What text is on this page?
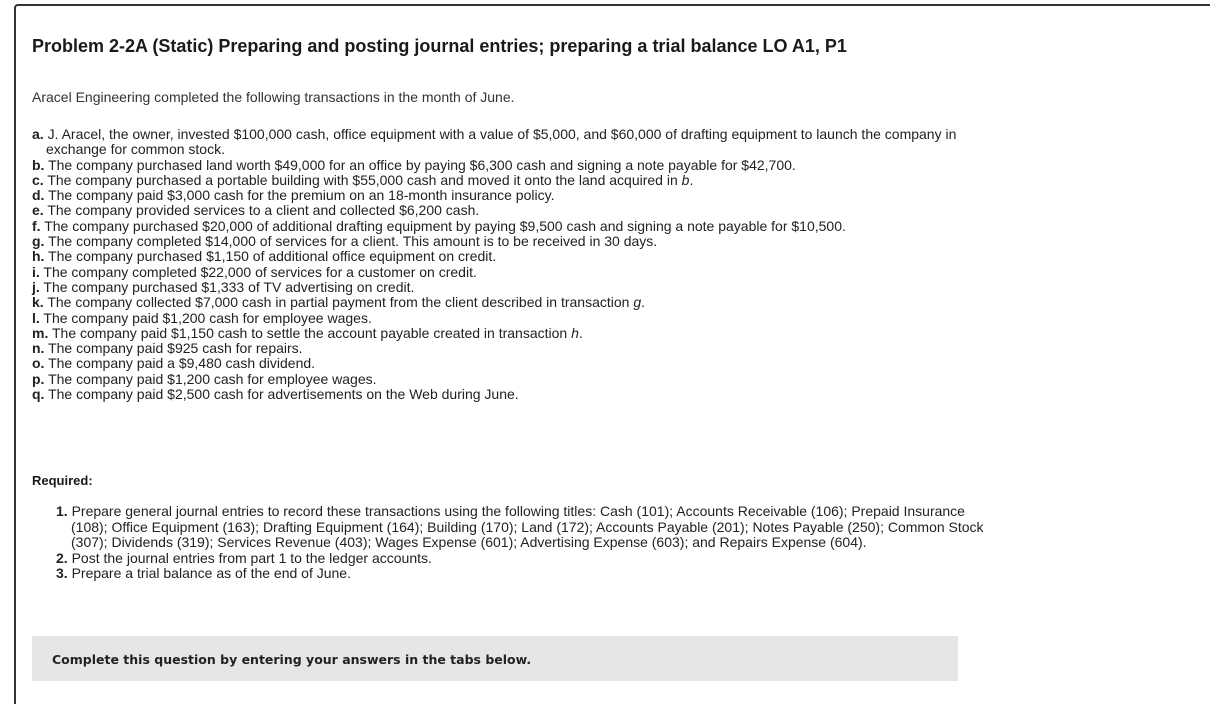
Problem 2-2A (Static) Preparing and posting journal entries; preparing a trial balance LO A1, P1
Aracel Engineering completed the following transactions in the month of June.
a. J. Aracel, the owner, invested $100,000 cash, office equipment with a value of $5,000, and $60,000 of drafting equipment to launch the company in exchange for common stock.
b. The company purchased land worth $49,000 for an office by paying $6,300 cash and signing a note payable for $42,700.
c. The company purchased a portable building with $55,000 cash and moved it onto the land acquired in b.
d. The company paid $3,000 cash for the premium on an 18-month insurance policy.
e. The company provided services to a client and collected $6,200 cash.
f. The company purchased $20,000 of additional drafting equipment by paying $9,500 cash and signing a note payable for $10,500.
g. The company completed $14,000 of services for a client. This amount is to be received in 30 days.
h. The company purchased $1,150 of additional office equipment on credit.
i. The company completed $22,000 of services for a customer on credit.
j. The company purchased $1,333 of TV advertising on credit.
k. The company collected $7,000 cash in partial payment from the client described in transaction g.
l. The company paid $1,200 cash for employee wages.
m. The company paid $1,150 cash to settle the account payable created in transaction h.
n. The company paid $925 cash for repairs.
o. The company paid a $9,480 cash dividend.
p. The company paid $1,200 cash for employee wages.
q. The company paid $2,500 cash for advertisements on the Web during June.
Required:
1. Prepare general journal entries to record these transactions using the following titles: Cash (101); Accounts Receivable (106); Prepaid Insurance (108); Office Equipment (163); Drafting Equipment (164); Building (170); Land (172); Accounts Payable (201); Notes Payable (250); Common Stock (307); Dividends (319); Services Revenue (403); Wages Expense (601); Advertising Expense (603); and Repairs Expense (604).
2. Post the journal entries from part 1 to the ledger accounts.
3. Prepare a trial balance as of the end of June.
Complete this question by entering your answers in the tabs below.
